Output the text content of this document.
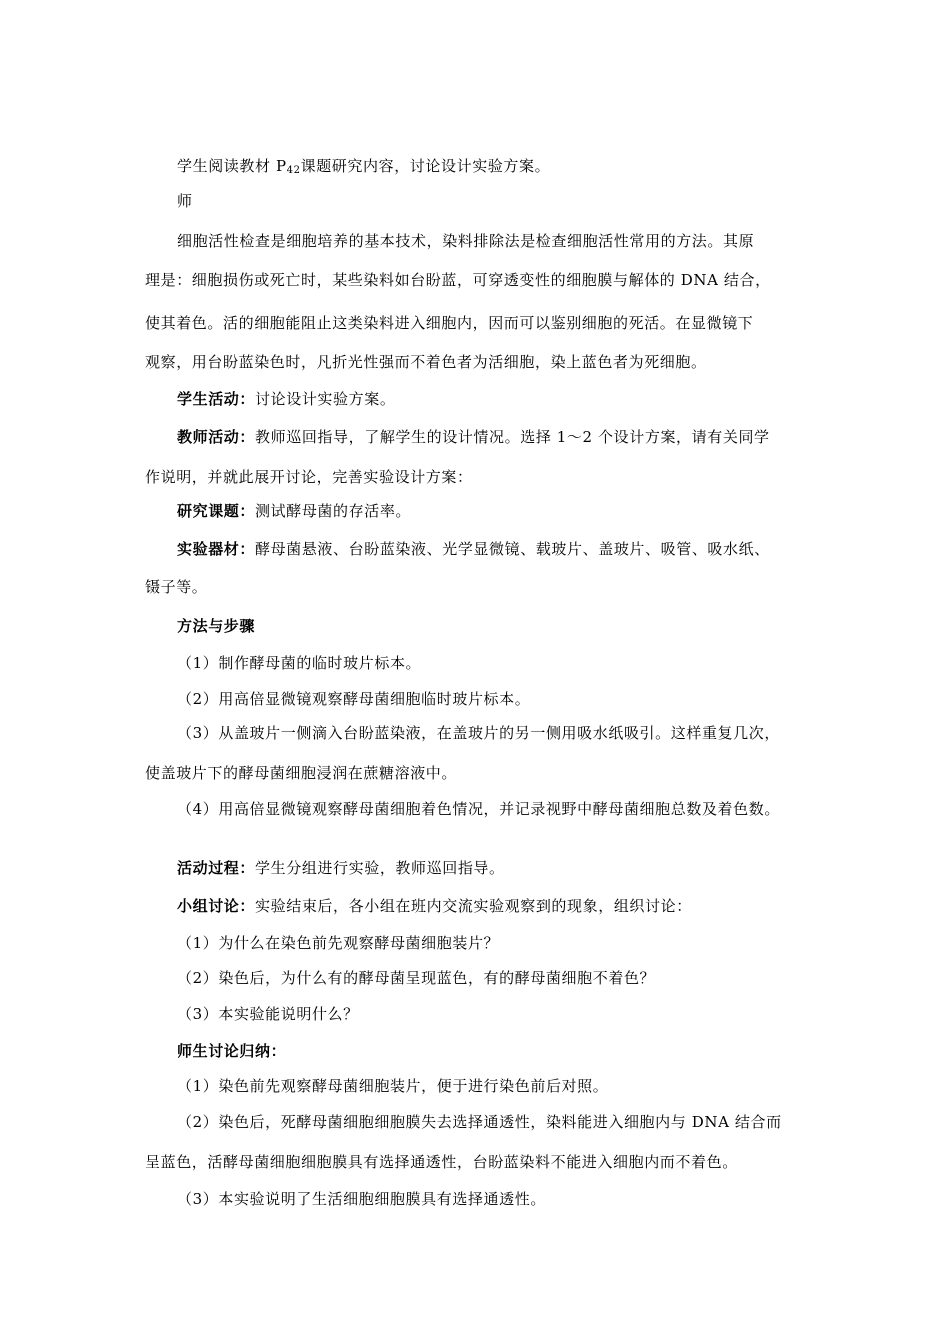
学生阅读教材 $P_{42}$课题研究内容，讨论设计实验方案。
师
细胞活性检查是细胞培养的基本技术，染料排除法是检查细胞活性常用的方法。其原
理是：细胞损伤或死亡时，某些染料如台盼蓝，可穿透变性的细胞膜与解体的 DNA 结合，
使其着色。活的细胞能阻止这类染料进入细胞内，因而可以鉴别细胞的死活。在显微镜下
观察，用台盼蓝染色时，凡折光性强而不着色者为活细胞，染上蓝色者为死细胞。
学生活动：讨论设计实验方案。
教师活动：教师巡回指导，了解学生的设计情况。选择 1～2 个设计方案，请有关同学
作说明，并就此展开讨论，完善实验设计方案：
研究课题：测试酵母菌的存活率。
实验器材：酵母菌悬液、台盼蓝染液、光学显微镜、载玻片、盖玻片、吸管、吸水纸、
镊子等。
方法与步骤
（1）制作酵母菌的临时玻片标本。
（2）用高倍显微镜观察酵母菌细胞临时玻片标本。
（3）从盖玻片一侧滴入台盼蓝染液，在盖玻片的另一侧用吸水纸吸引。这样重复几次，
使盖玻片下的酵母菌细胞浸润在蔗糖溶液中。
（4）用高倍显微镜观察酵母菌细胞着色情况，并记录视野中酵母菌细胞总数及着色数。
活动过程：学生分组进行实验，教师巡回指导。
小组讨论：实验结束后，各小组在班内交流实验观察到的现象，组织讨论：
（1）为什么在染色前先观察酵母菌细胞装片？
（2）染色后，为什么有的酵母菌呈现蓝色，有的酵母菌细胞不着色？
（3）本实验能说明什么？
师生讨论归纳：
（1）染色前先观察酵母菌细胞装片，便于进行染色前后对照。
（2）染色后，死酵母菌细胞细胞膜失去选择通透性，染料能进入细胞内与 DNA 结合而
呈蓝色，活酵母菌细胞细胞膜具有选择通透性，台盼蓝染料不能进入细胞内而不着色。
（3）本实验说明了生活细胞细胞膜具有选择通透性。
